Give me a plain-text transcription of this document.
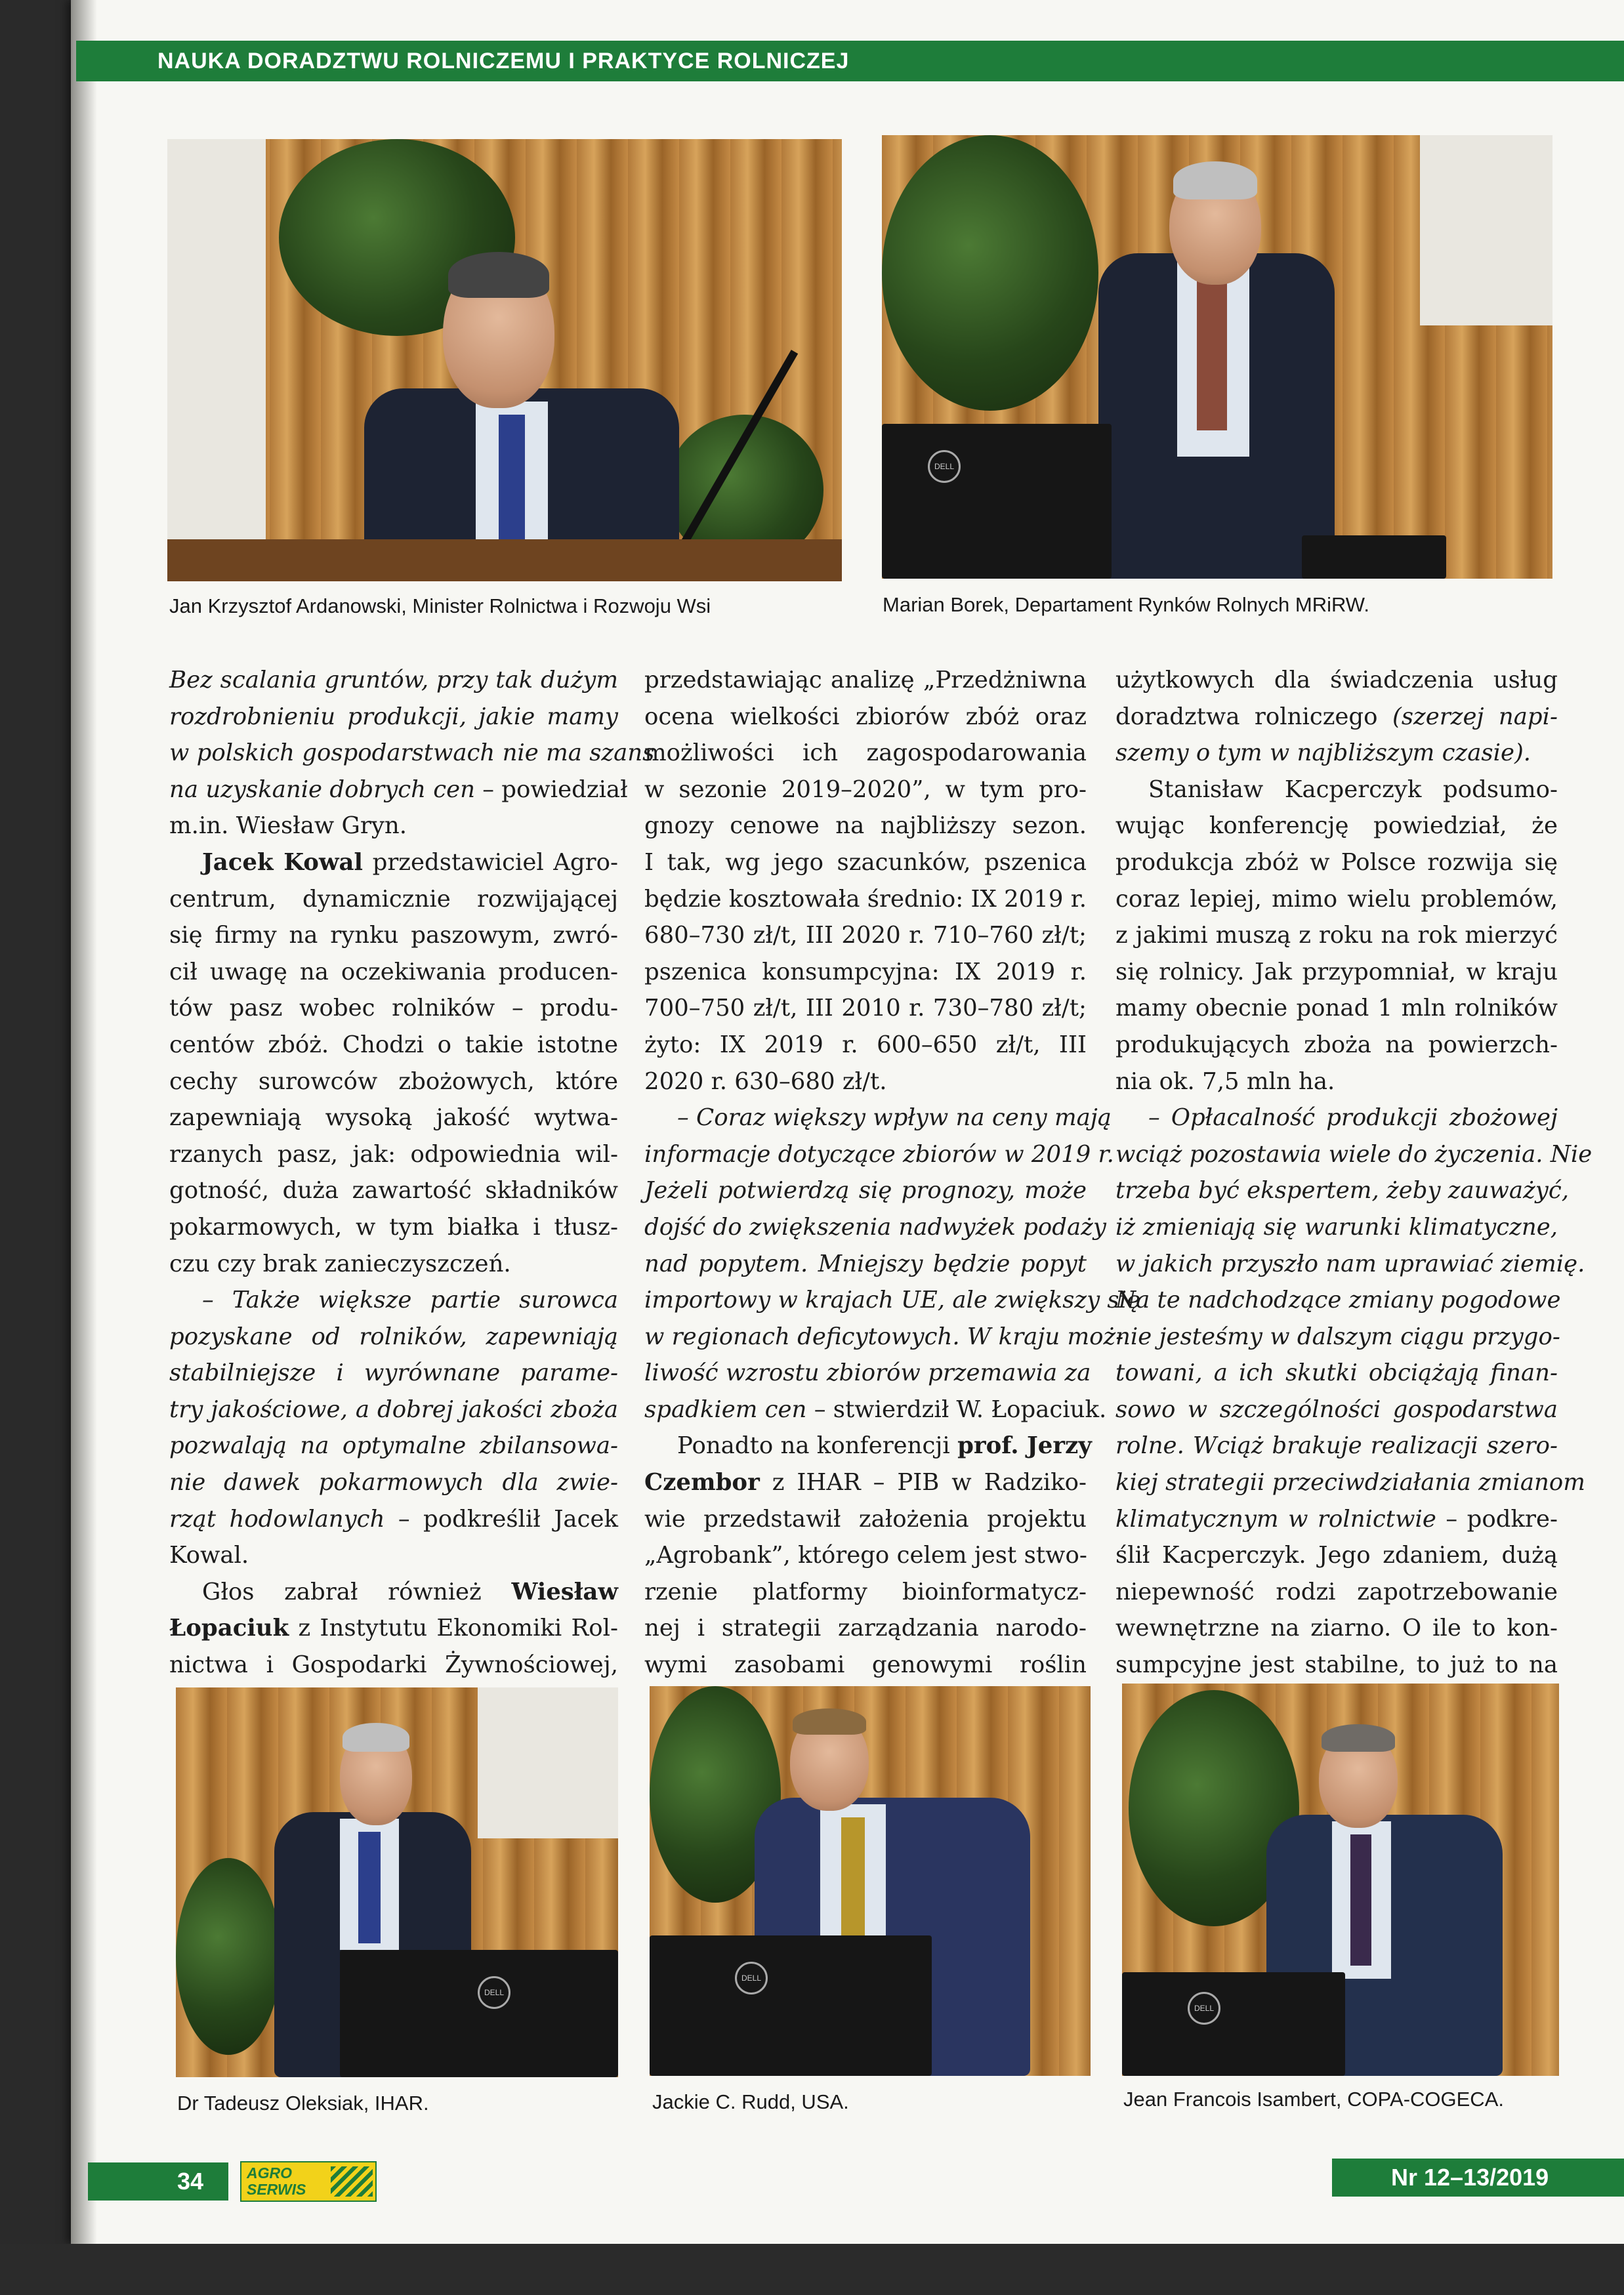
NAUKA DORADZTWU ROLNICZEMU I PRAKTYCE ROLNICZEJ
Jan Krzysztof Ardanowski, Minister Rolnictwa i Rozwoju Wsi
DELL
Marian Borek, Departament Rynków Rolnych MRiRW.
Bez scalania gruntów, przy tak dużym
rozdrobnieniu produkcji, jakie mamy
w polskich gospodarstwach nie ma szans
na uzyskanie dobrych cen – powiedział
m.in. Wiesław Gryn.
Jacek Kowal przedstawiciel Agro-
centrum, dynamicznie rozwijającej
się firmy na rynku paszowym, zwró-
cił uwagę na oczekiwania producen-
tów pasz wobec rolników – produ-
centów zbóż. Chodzi o takie istotne
cechy surowców zbożowych, które
zapewniają wysoką jakość wytwa-
rzanych pasz, jak: odpowiednia wil-
gotność, duża zawartość składników
pokarmowych, w tym białka i tłusz-
czu czy brak zanieczyszczeń.
– Także większe partie surowca
pozyskane od rolników, zapewniają
stabilniejsze i wyrównane parame-
try jakościowe, a dobrej jakości zboża
pozwalają na optymalne zbilansowa-
nie dawek pokarmowych dla zwie-
rząt hodowlanych – podkreślił Jacek
Kowal.
Głos zabrał również Wiesław
Łopaciuk z Instytutu Ekonomiki Rol-
nictwa i Gospodarki Żywnościowej,
przedstawiając analizę „Przedżniwna
ocena wielkości zbiorów zbóż oraz
możliwości ich zagospodarowania
w sezonie 2019–2020”, w tym pro-
gnozy cenowe na najbliższy sezon.
I tak, wg jego szacunków, pszenica
będzie kosztowała średnio: IX 2019 r.
680–730 zł/t, III 2020 r. 710–760 zł/t;
pszenica konsumpcyjna: IX 2019 r.
700–750 zł/t, III 2010 r. 730–780 zł/t;
żyto: IX 2019 r. 600–650 zł/t, III
2020 r. 630–680 zł/t.
– Coraz większy wpływ na ceny mają
informacje dotyczące zbiorów w 2019 r.
Jeżeli potwierdzą się prognozy, może
dojść do zwiększenia nadwyżek podaży
nad popytem. Mniejszy będzie popyt
importowy w krajach UE, ale zwiększy się
w regionach deficytowych. W kraju moż-
liwość wzrostu zbiorów przemawia za
spadkiem cen – stwierdził W. Łopaciuk.
Ponadto na konferencji prof. Jerzy
Czembor z IHAR – PIB w Radziko-
wie przedstawił założenia projektu
„Agrobank”, którego celem jest stwo-
rzenie platformy bioinformatycz-
nej i strategii zarządzania narodo-
wymi zasobami genowymi roślin
użytkowych dla świadczenia usług
doradztwa rolniczego (szerzej napi-
szemy o tym w najbliższym czasie).
Stanisław Kacperczyk podsumo-
wując konferencję powiedział, że
produkcja zbóż w Polsce rozwija się
coraz lepiej, mimo wielu problemów,
z jakimi muszą z roku na rok mierzyć
się rolnicy. Jak przypomniał, w kraju
mamy obecnie ponad 1 mln rolników
produkujących zboża na powierzch-
nia ok. 7,5 mln ha.
– Opłacalność produkcji zbożowej
wciąż pozostawia wiele do życzenia. Nie
trzeba być ekspertem, żeby zauważyć,
iż zmieniają się warunki klimatyczne,
w jakich przyszło nam uprawiać ziemię.
Na te nadchodzące zmiany pogodowe
nie jesteśmy w dalszym ciągu przygo-
towani, a ich skutki obciążają finan-
sowo w szczególności gospodarstwa
rolne. Wciąż brakuje realizacji szero-
kiej strategii przeciwdziałania zmianom
klimatycznym w rolnictwie – podkre-
ślił Kacperczyk. Jego zdaniem, dużą
niepewność rodzi zapotrzebowanie
wewnętrzne na ziarno. O ile to kon-
sumpcyjne jest stabilne, to już to na
DELL
Dr Tadeusz Oleksiak, IHAR.
DELL
Jackie C. Rudd, USA.
DELL
Jean Francois Isambert, COPA-COGECA.
34	AGRO
SERWIS	Nr 12–13/2019
